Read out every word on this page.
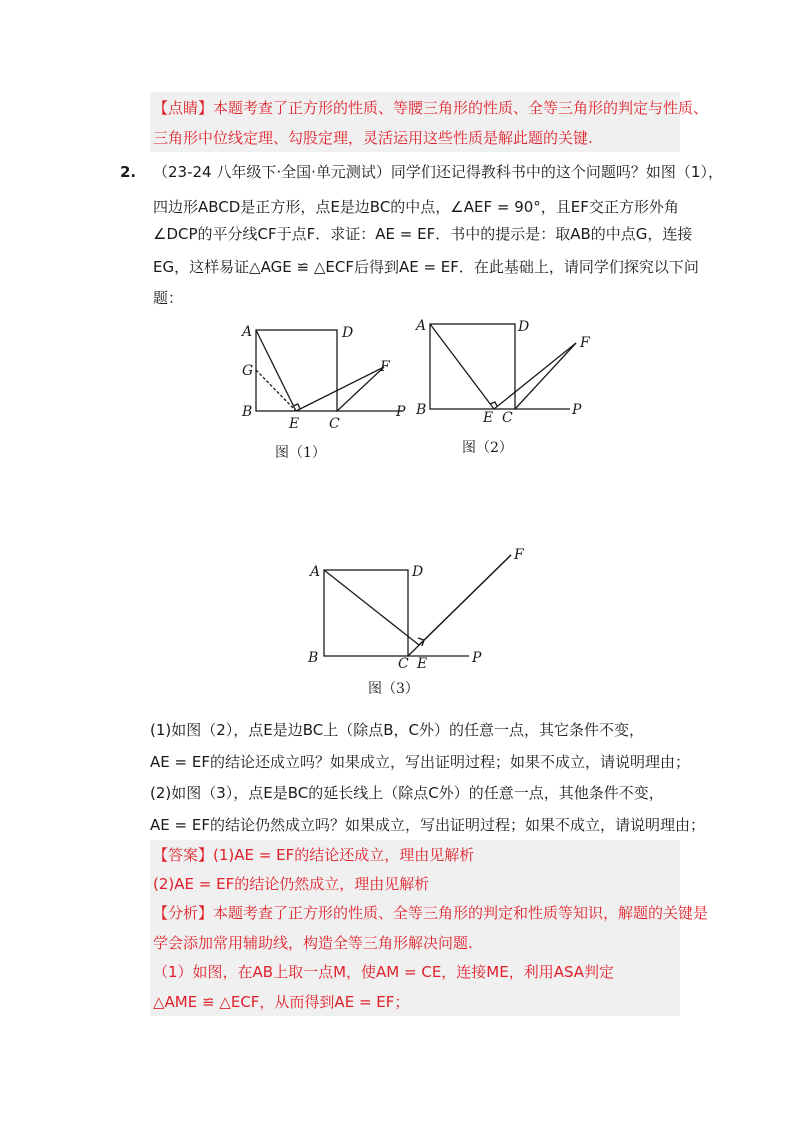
【点睛】本题考查了正方形的性质、等腰三角形的性质、全等三角形的判定与性质、
三角形中位线定理、勾股定理，灵活运用这些性质是解此题的关键.
2. （23-24 八年级下·全国·单元测试）同学们还记得教科书中的这个问题吗？如图（1），
四边形ABCD是正方形，点E是边BC的中点，∠AEF = 90°，且EF交正方形外角
∠DCP的平分线CF于点F．求证：AE = EF．书中的提示是：取AB的中点G，连接
EG，这样易证△AGE ≌ △ECF后得到AE = EF．在此基础上，请同学们探究以下问
题：
A	D
G
B
E C
F
P
图（1）
A	D
B	E C
F
P
图（2）
A	D
B	C E
F
P
图（3）
(1)如图（2），点E是边BC上（除点B，C外）的任意一点，其它条件不变，
AE = EF的结论还成立吗？如果成立，写出证明过程；如果不成立，请说明理由；
(2)如图（3），点E是BC的延长线上（除点C外）的任意一点，其他条件不变，
AE = EF的结论仍然成立吗？如果成立，写出证明过程；如果不成立，请说明理由；
【答案】(1)AE = EF的结论还成立，理由见解析
(2)AE = EF的结论仍然成立，理由见解析
【分析】本题考查了正方形的性质、全等三角形的判定和性质等知识，解题的关键是
学会添加常用辅助线，构造全等三角形解决问题.
（1）如图，在AB上取一点M，使AM = CE，连接ME，利用ASA判定
△AME ≌ △ECF，从而得到AE = EF；
